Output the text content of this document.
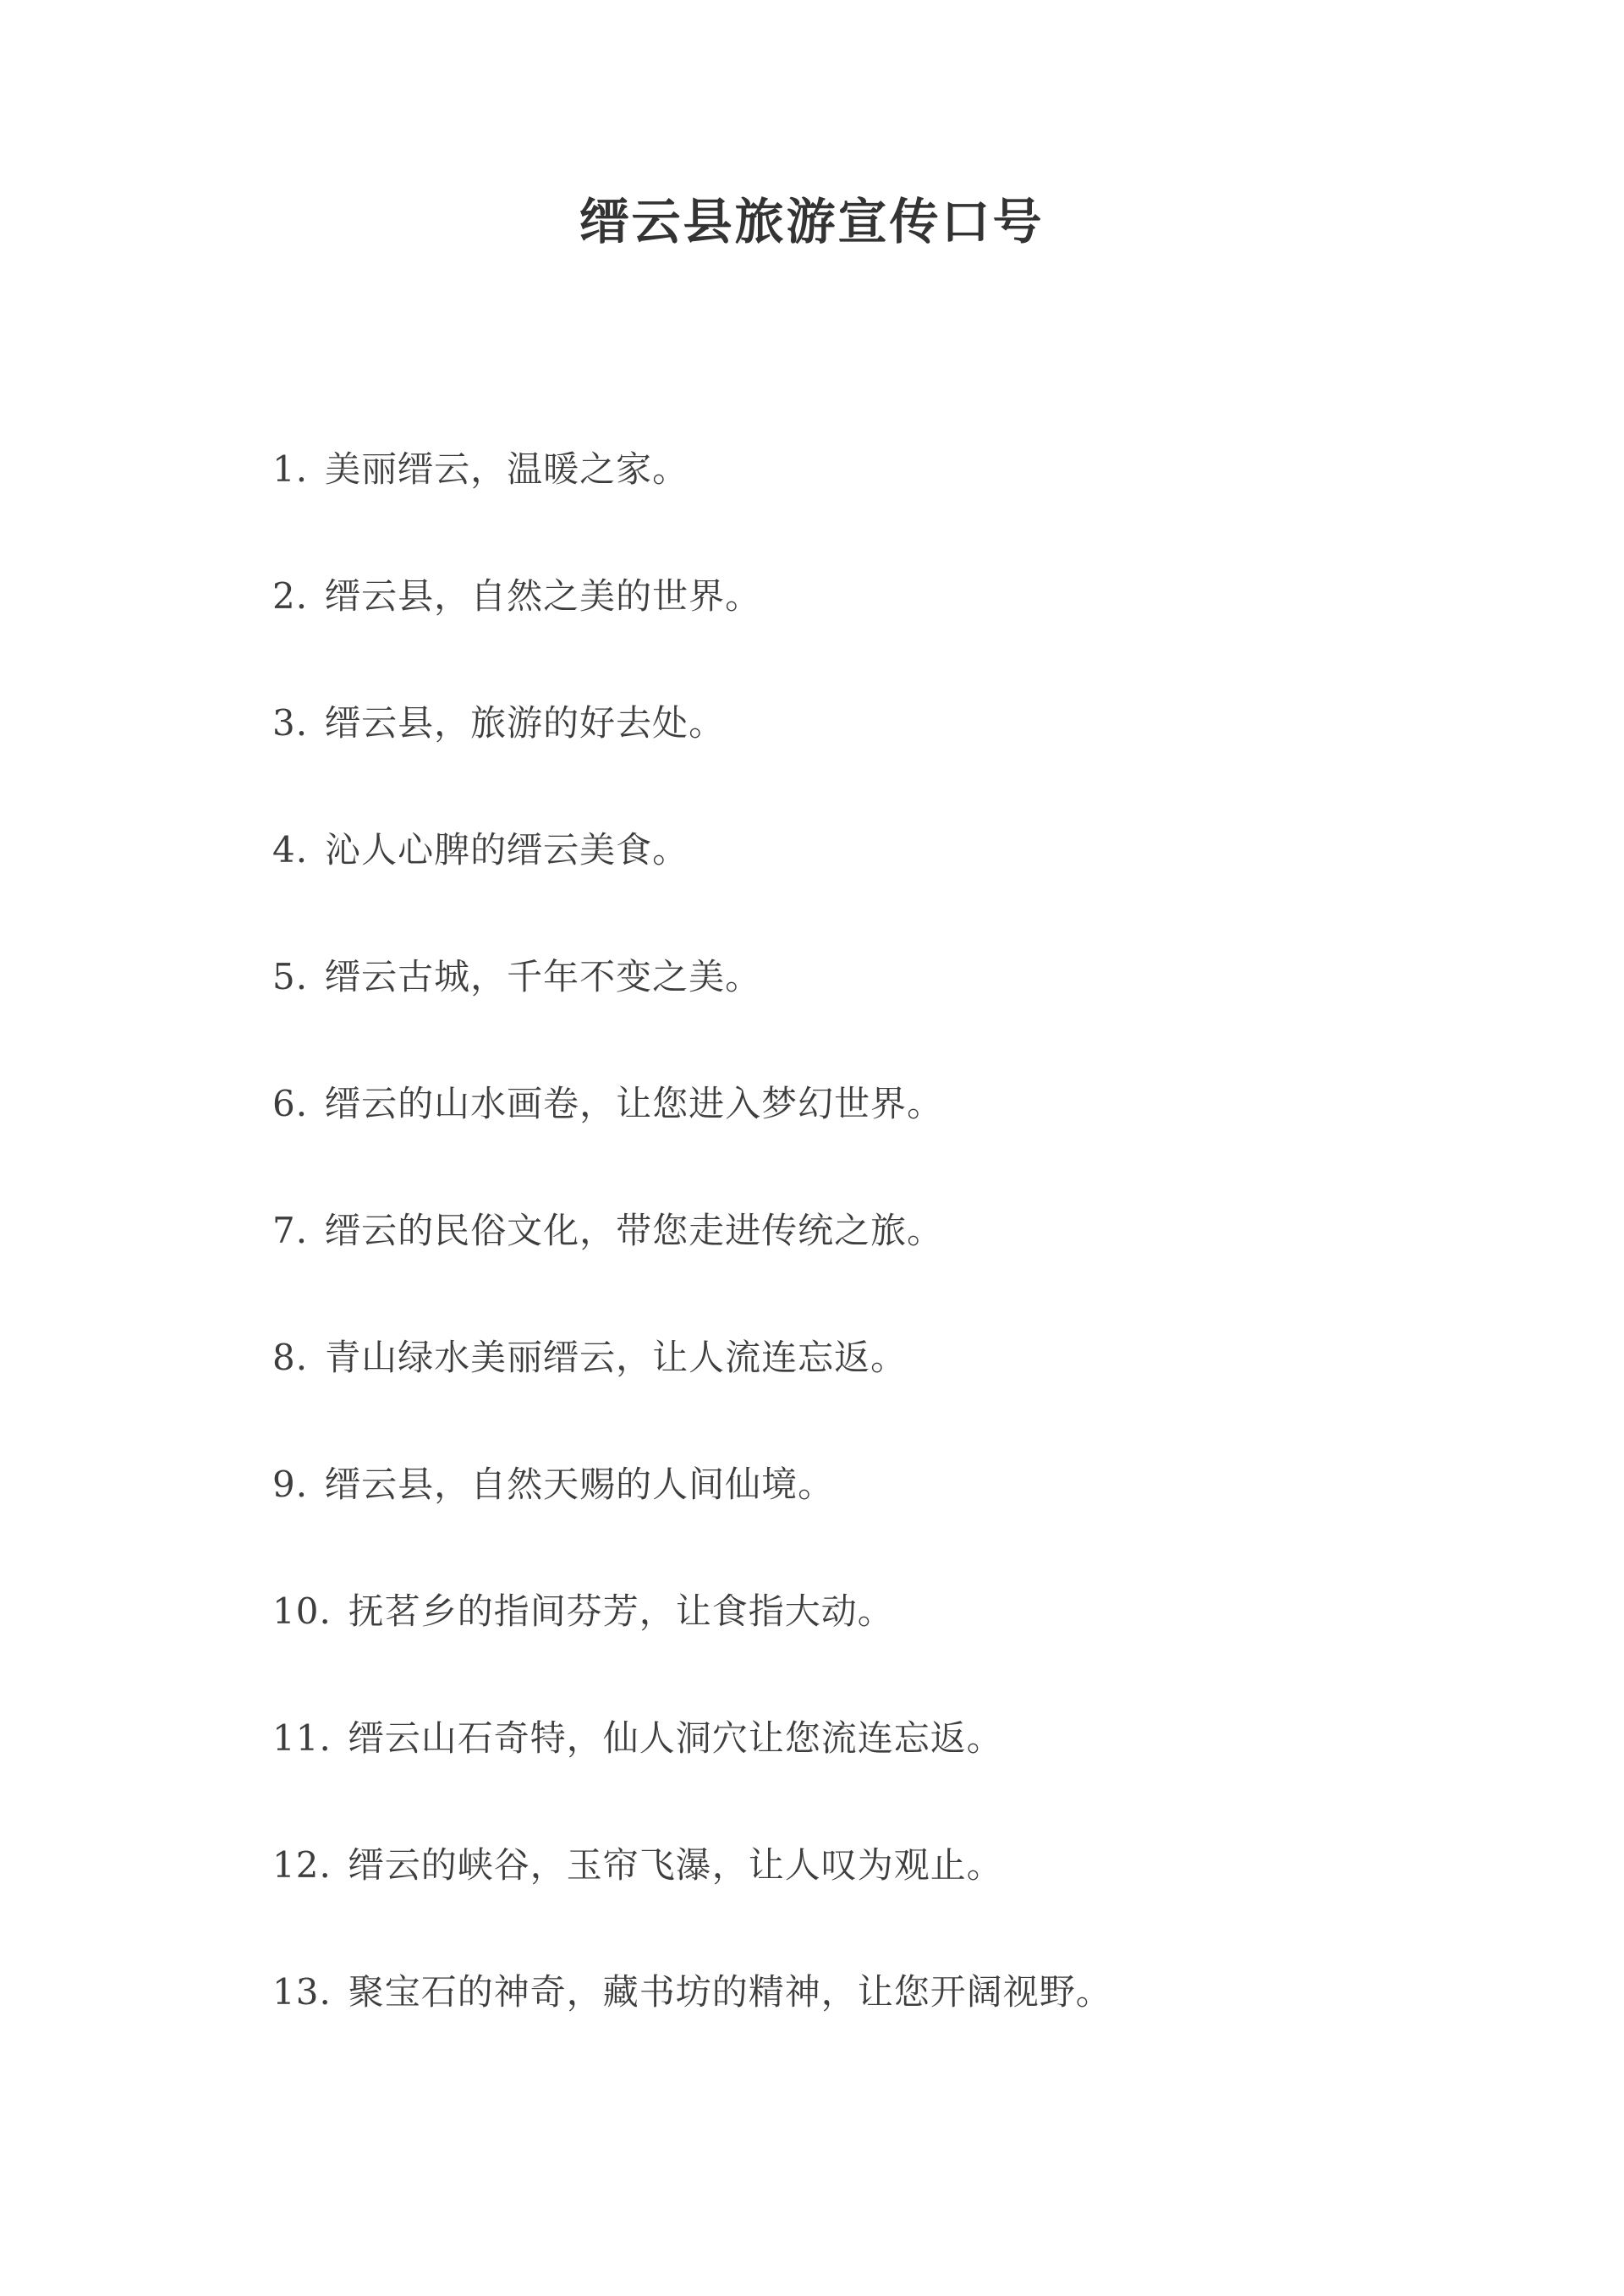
缙云县旅游宣传口号
1. 美丽缙云，温暖之家。
2. 缙云县，自然之美的世界。
3. 缙云县，旅游的好去处。
4. 沁人心脾的缙云美食。
5. 缙云古城，千年不变之美。
6. 缙云的山水画卷，让您进入梦幻世界。
7. 缙云的民俗文化，带您走进传统之旅。
8. 青山绿水美丽缙云，让人流连忘返。
9. 缙云县，自然天赐的人间仙境。
10. 抚茗乡的指间芬芳，让食指大动。
11. 缙云山石奇特，仙人洞穴让您流连忘返。
12. 缙云的峡谷，玉帘飞瀑，让人叹为观止。
13. 聚宝石的神奇，藏书坊的精神，让您开阔视野。
